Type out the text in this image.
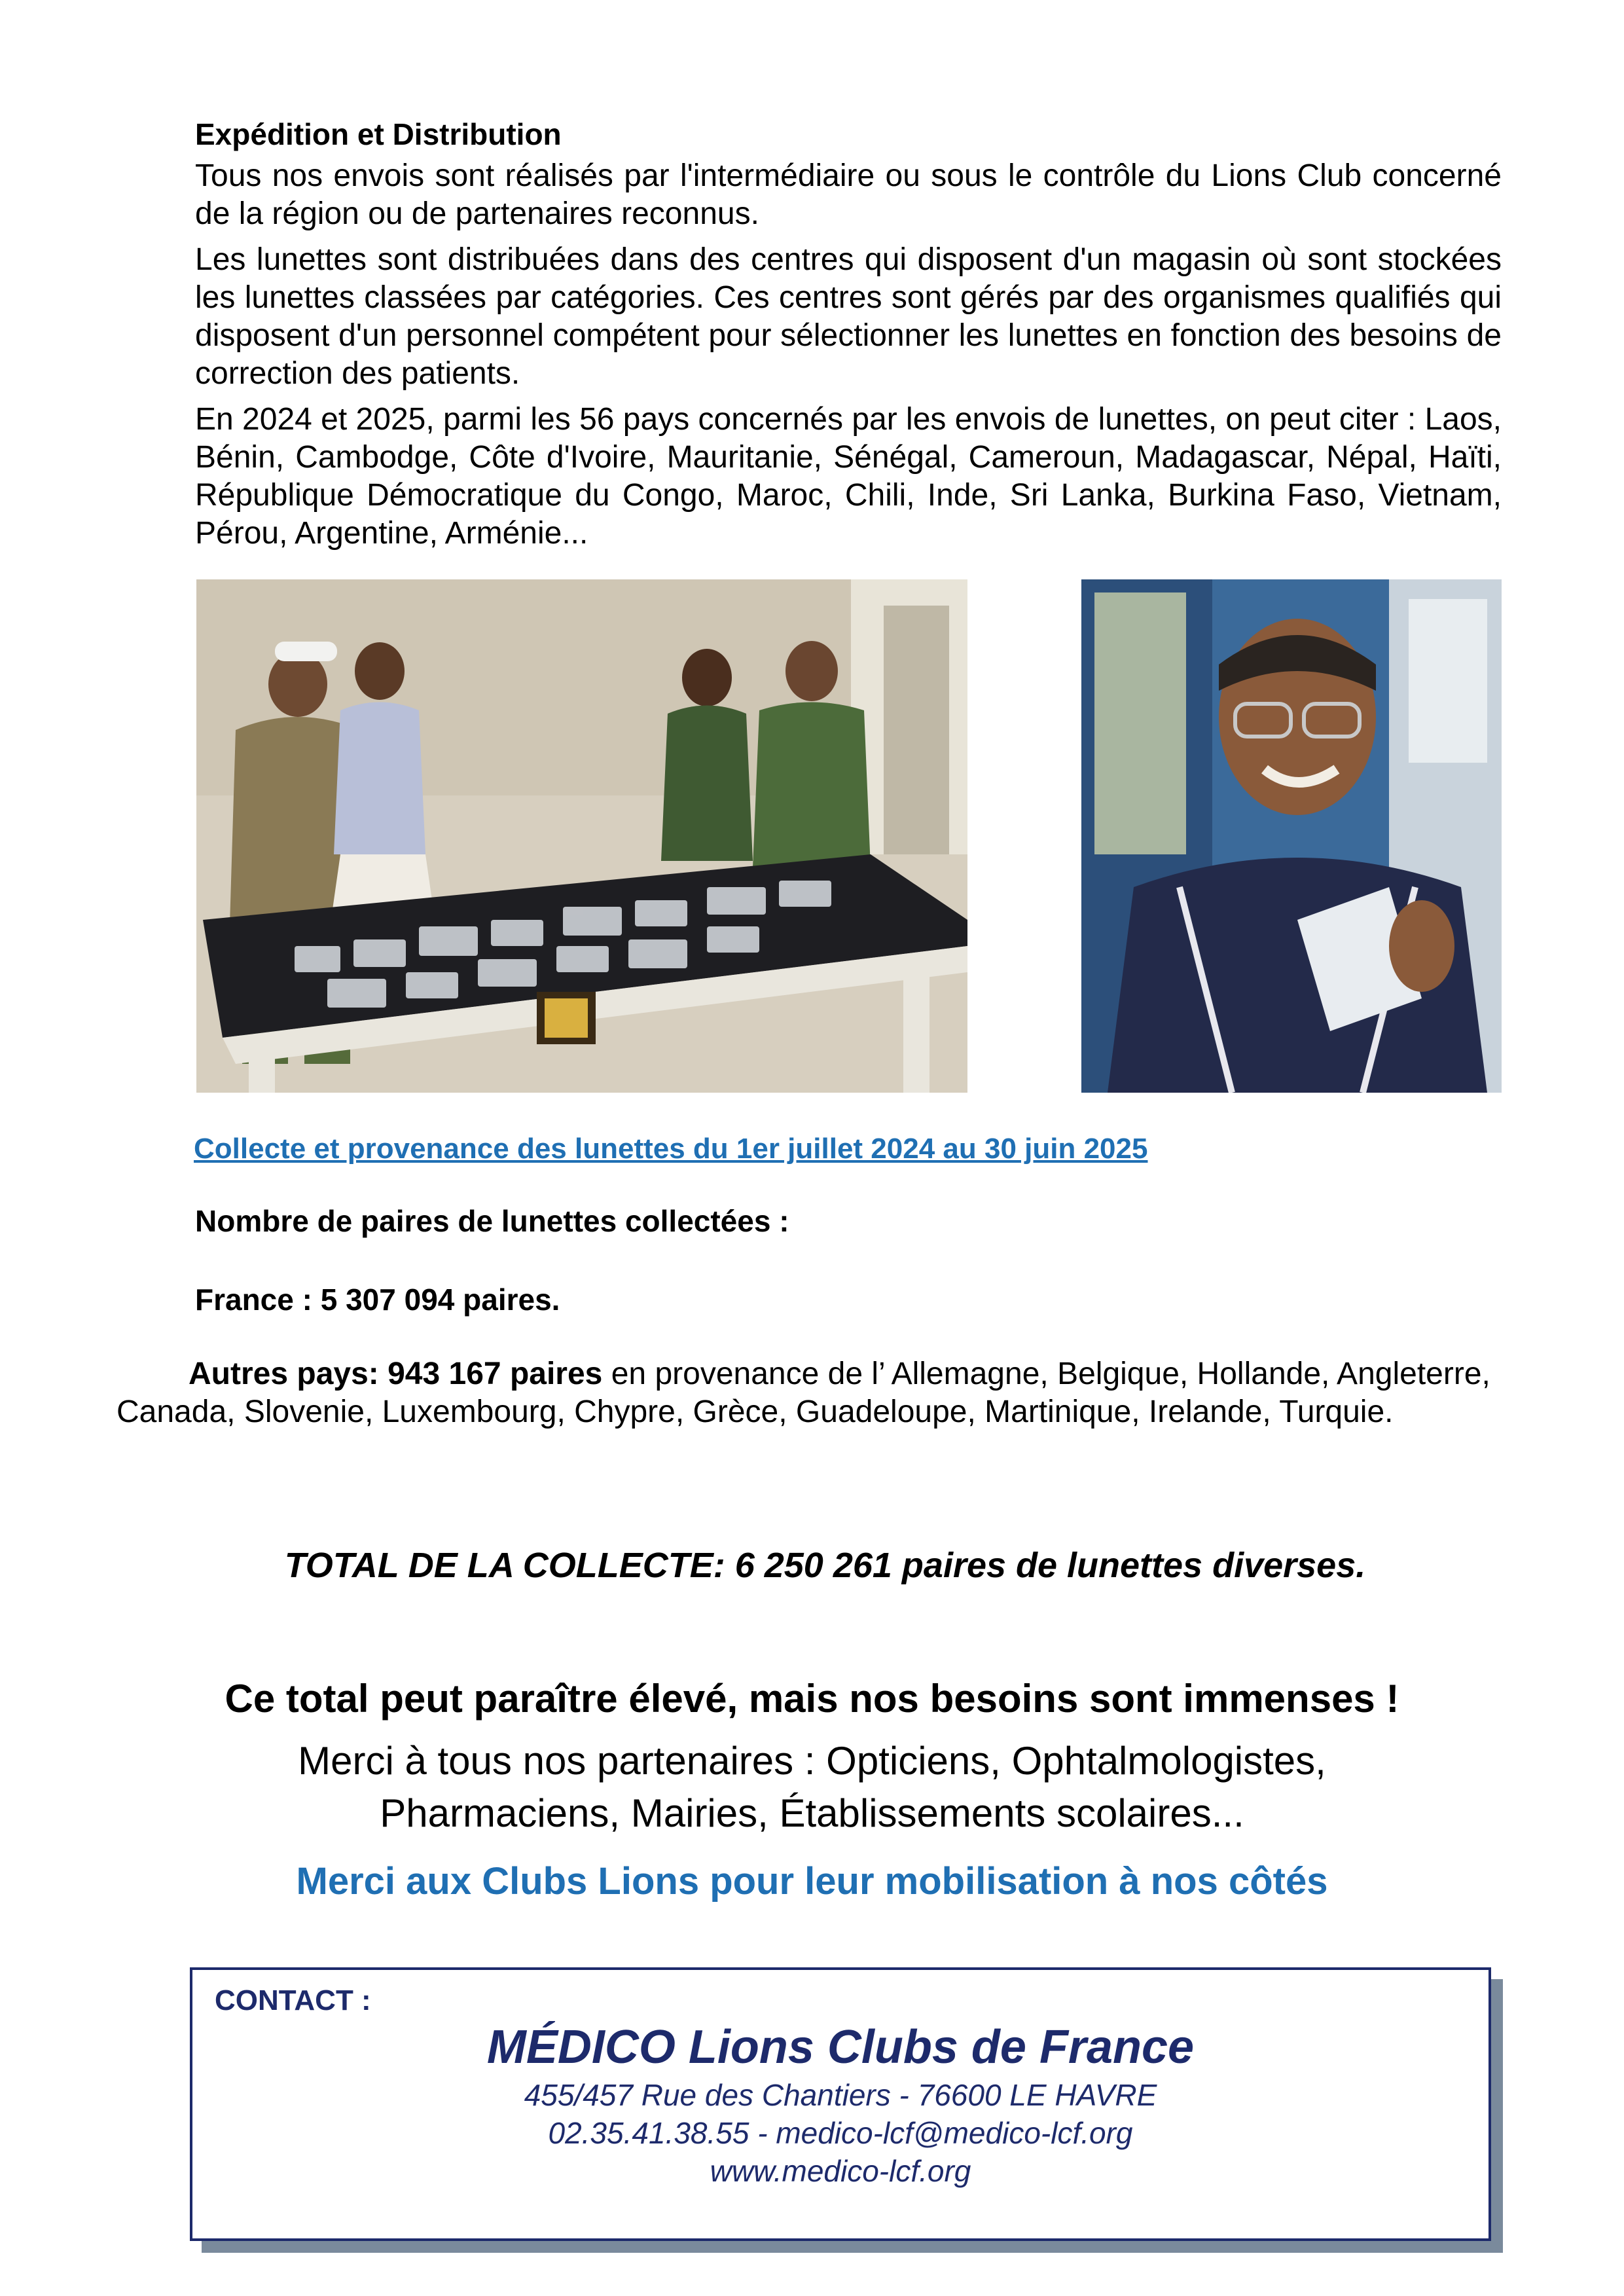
Expédition et Distribution

Tous nos envois sont réalisés par l'intermédiaire ou sous le contrôle du Lions Club concerné de la région ou de partenaires reconnus.

Les lunettes sont distribuées dans des centres qui disposent d'un magasin où sont stockées les lunettes classées par catégories. Ces centres sont gérés par des organismes qualifiés qui disposent d'un personnel compétent pour sélectionner les lunettes en fonction des besoins de correction des patients.

En 2024 et 2025, parmi les 56 pays concernés par les envois de lunettes, on peut citer : Laos, Bénin, Cambodge, Côte d'Ivoire, Mauritanie, Sénégal, Cameroun, Madagascar, Népal, Haïti, République Démocratique du Congo, Maroc, Chili, Inde, Sri Lanka, Burkina Faso, Vietnam, Pérou, Argentine, Arménie...

Collecte et provenance des lunettes du 1er juillet 2024 au 30 juin 2025
Nombre de paires de lunettes collectées :
France : 5 307 094 paires.
Autres pays: 943 167 paires en provenance de l’ Allemagne, Belgique, Hollande, Angleterre, Canada, Slovenie, Luxembourg, Chypre, Grèce, Guadeloupe, Martinique, Irelande, Turquie.
TOTAL DE LA COLLECTE: 6 250 261 paires de lunettes diverses.
Ce total peut paraître élevé, mais nos besoins sont immenses !
Merci à tous nos partenaires : Opticiens, Ophtalmologistes,
Pharmaciens, Mairies, Établissements scolaires...
Merci aux Clubs Lions pour leur mobilisation à nos côtés
CONTACT :
MÉDICO Lions Clubs de France
455/457 Rue des Chantiers - 76600 LE HAVRE
02.35.41.38.55 - medico-lcf@medico-lcf.org
www.medico-lcf.org
